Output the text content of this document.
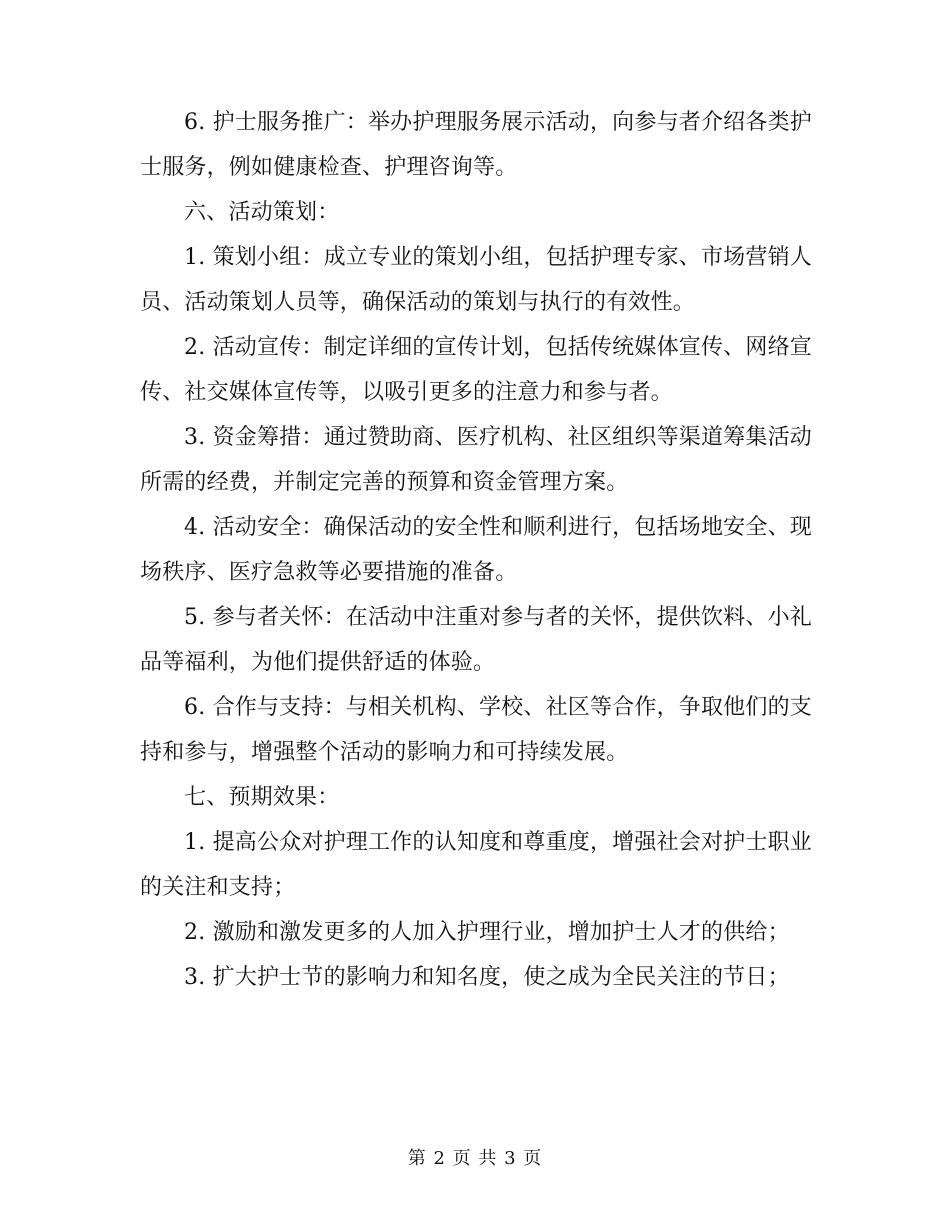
6. 护士服务推广：举办护理服务展示活动，向参与者介绍各类护士服务，例如健康检查、护理咨询等。

六、活动策划：

1. 策划小组：成立专业的策划小组，包括护理专家、市场营销人员、活动策划人员等，确保活动的策划与执行的有效性。

2. 活动宣传：制定详细的宣传计划，包括传统媒体宣传、网络宣传、社交媒体宣传等，以吸引更多的注意力和参与者。

3. 资金筹措：通过赞助商、医疗机构、社区组织等渠道筹集活动所需的经费，并制定完善的预算和资金管理方案。

4. 活动安全：确保活动的安全性和顺利进行，包括场地安全、现场秩序、医疗急救等必要措施的准备。

5. 参与者关怀：在活动中注重对参与者的关怀，提供饮料、小礼品等福利，为他们提供舒适的体验。

6. 合作与支持：与相关机构、学校、社区等合作，争取他们的支持和参与，增强整个活动的影响力和可持续发展。

七、预期效果：

1. 提高公众对护理工作的认知度和尊重度，增强社会对护士职业的关注和支持；

2. 激励和激发更多的人加入护理行业，增加护士人才的供给；

3. 扩大护士节的影响力和知名度，使之成为全民关注的节日；

第 2 页 共 3 页
